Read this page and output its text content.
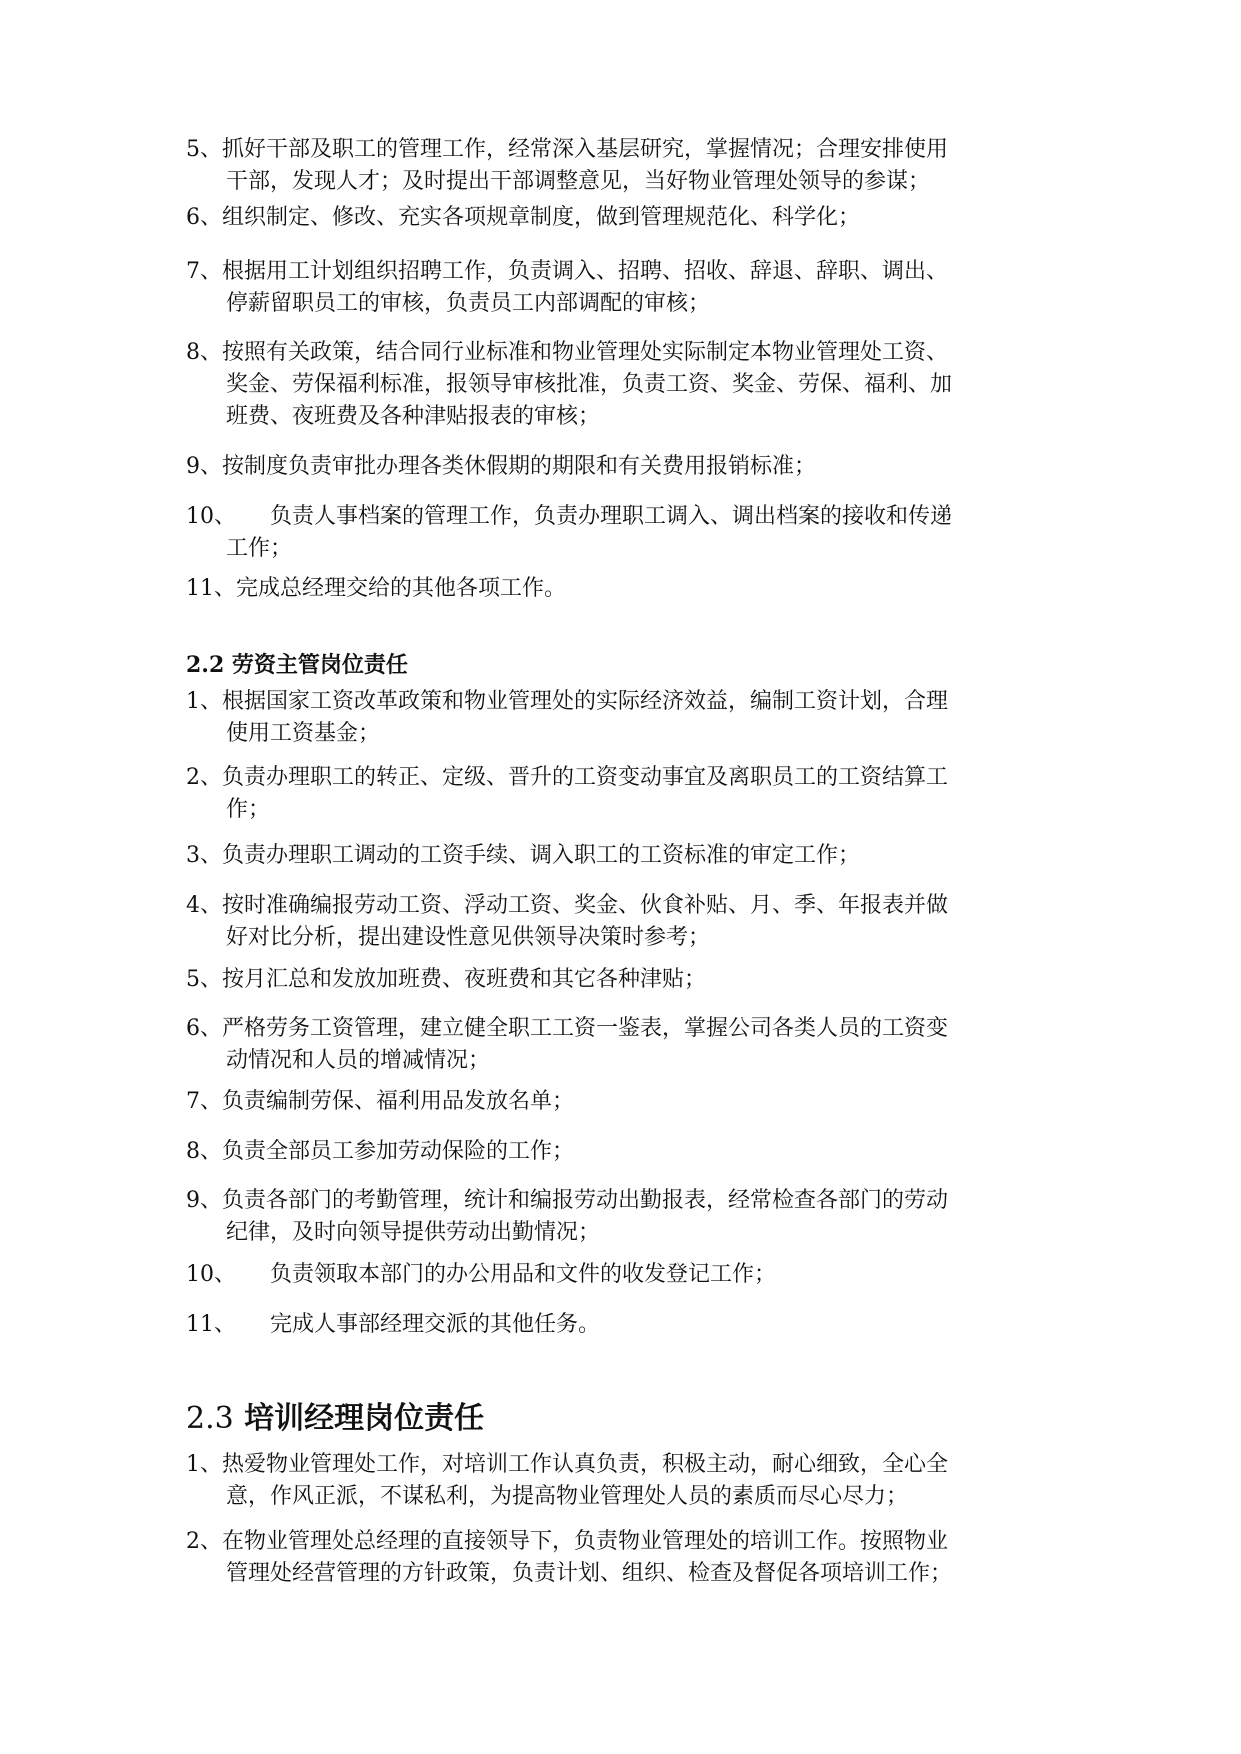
5、抓好干部及职工的管理工作，经常深入基层研究，掌握情况；合理安排使用
干部，发现人才；及时提出干部调整意见，当好物业管理处领导的参谋；
6、组织制定、修改、充实各项规章制度，做到管理规范化、科学化；
7、根据用工计划组织招聘工作，负责调入、招聘、招收、辞退、辞职、调出、
停薪留职员工的审核，负责员工内部调配的审核；
8、按照有关政策，结合同行业标准和物业管理处实际制定本物业管理处工资、
奖金、劳保福利标准，报领导审核批准，负责工资、奖金、劳保、福利、加
班费、夜班费及各种津贴报表的审核；
9、按制度负责审批办理各类休假期的期限和有关费用报销标准；
10、 负责人事档案的管理工作，负责办理职工调入、调出档案的接收和传递
工作；
11、完成总经理交给的其他各项工作。
2.2 劳资主管岗位责任
1、根据国家工资改革政策和物业管理处的实际经济效益，编制工资计划，合理
使用工资基金；
2、负责办理职工的转正、定级、晋升的工资变动事宜及离职员工的工资结算工
作；
3、负责办理职工调动的工资手续、调入职工的工资标准的审定工作；
4、按时准确编报劳动工资、浮动工资、奖金、伙食补贴、月、季、年报表并做
好对比分析，提出建设性意见供领导决策时参考；
5、按月汇总和发放加班费、夜班费和其它各种津贴；
6、严格劳务工资管理，建立健全职工工资一鉴表，掌握公司各类人员的工资变
动情况和人员的增减情况；
7、负责编制劳保、福利用品发放名单；
8、负责全部员工参加劳动保险的工作；
9、负责各部门的考勤管理，统计和编报劳动出勤报表，经常检查各部门的劳动
纪律，及时向领导提供劳动出勤情况；
10、 负责领取本部门的办公用品和文件的收发登记工作；
11、 完成人事部经理交派的其他任务。
2.3 培训经理岗位责任
1、热爱物业管理处工作，对培训工作认真负责，积极主动，耐心细致，全心全
意，作风正派，不谋私利，为提高物业管理处人员的素质而尽心尽力；
2、在物业管理处总经理的直接领导下，负责物业管理处的培训工作。按照物业
管理处经营管理的方针政策，负责计划、组织、检查及督促各项培训工作；
